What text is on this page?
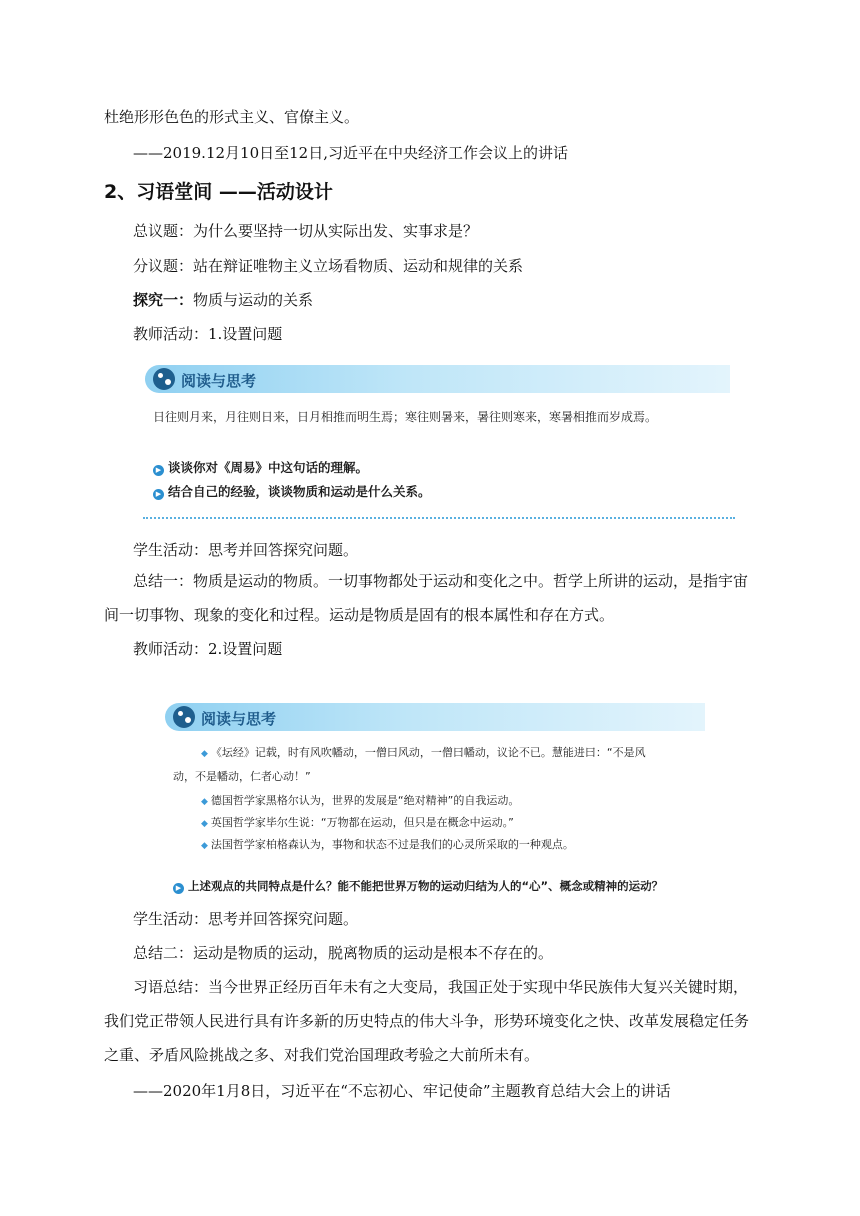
杜绝形形色色的形式主义、官僚主义。
——2019.12月10日至12日,习近平在中央经济工作会议上的讲话
2、习语堂间 ——活动设计
总议题：为什么要坚持一切从实际出发、实事求是？
分议题：站在辩证唯物主义立场看物质、运动和规律的关系
探究一：物质与运动的关系
教师活动：1.设置问题
阅读与思考
日往则月来，月往则日来，日月相推而明生焉；寒往则暑来，暑往则寒来，寒暑相推而岁成焉。
▶ 谈谈你对《周易》中这句话的理解。
▶ 结合自己的经验，谈谈物质和运动是什么关系。
学生活动：思考并回答探究问题。
总结一：物质是运动的物质。一切事物都处于运动和变化之中。哲学上所讲的运动，是指宇宙间一切事物、现象的变化和过程。运动是物质是固有的根本属性和存在方式。
教师活动：2.设置问题
阅读与思考
◆ 《坛经》记载，时有风吹幡动，一僧曰风动，一僧曰幡动，议论不已。慧能进曰：“不是风
动，不是幡动，仁者心动！”
◆ 德国哲学家黑格尔认为，世界的发展是“绝对精神”的自我运动。
◆ 英国哲学家毕尔生说：“万物都在运动，但只是在概念中运动。”
◆ 法国哲学家柏格森认为，事物和状态不过是我们的心灵所采取的一种观点。
▶ 上述观点的共同特点是什么？能不能把世界万物的运动归结为人的“心”、概念或精神的运动？
学生活动：思考并回答探究问题。
总结二：运动是物质的运动，脱离物质的运动是根本不存在的。
习语总结：当今世界正经历百年未有之大变局，我国正处于实现中华民族伟大复兴关键时期，我们党正带领人民进行具有许多新的历史特点的伟大斗争，形势环境变化之快、改革发展稳定任务之重、矛盾风险挑战之多、对我们党治国理政考验之大前所未有。
——2020年1月8日，习近平在“不忘初心、牢记使命”主题教育总结大会上的讲话
